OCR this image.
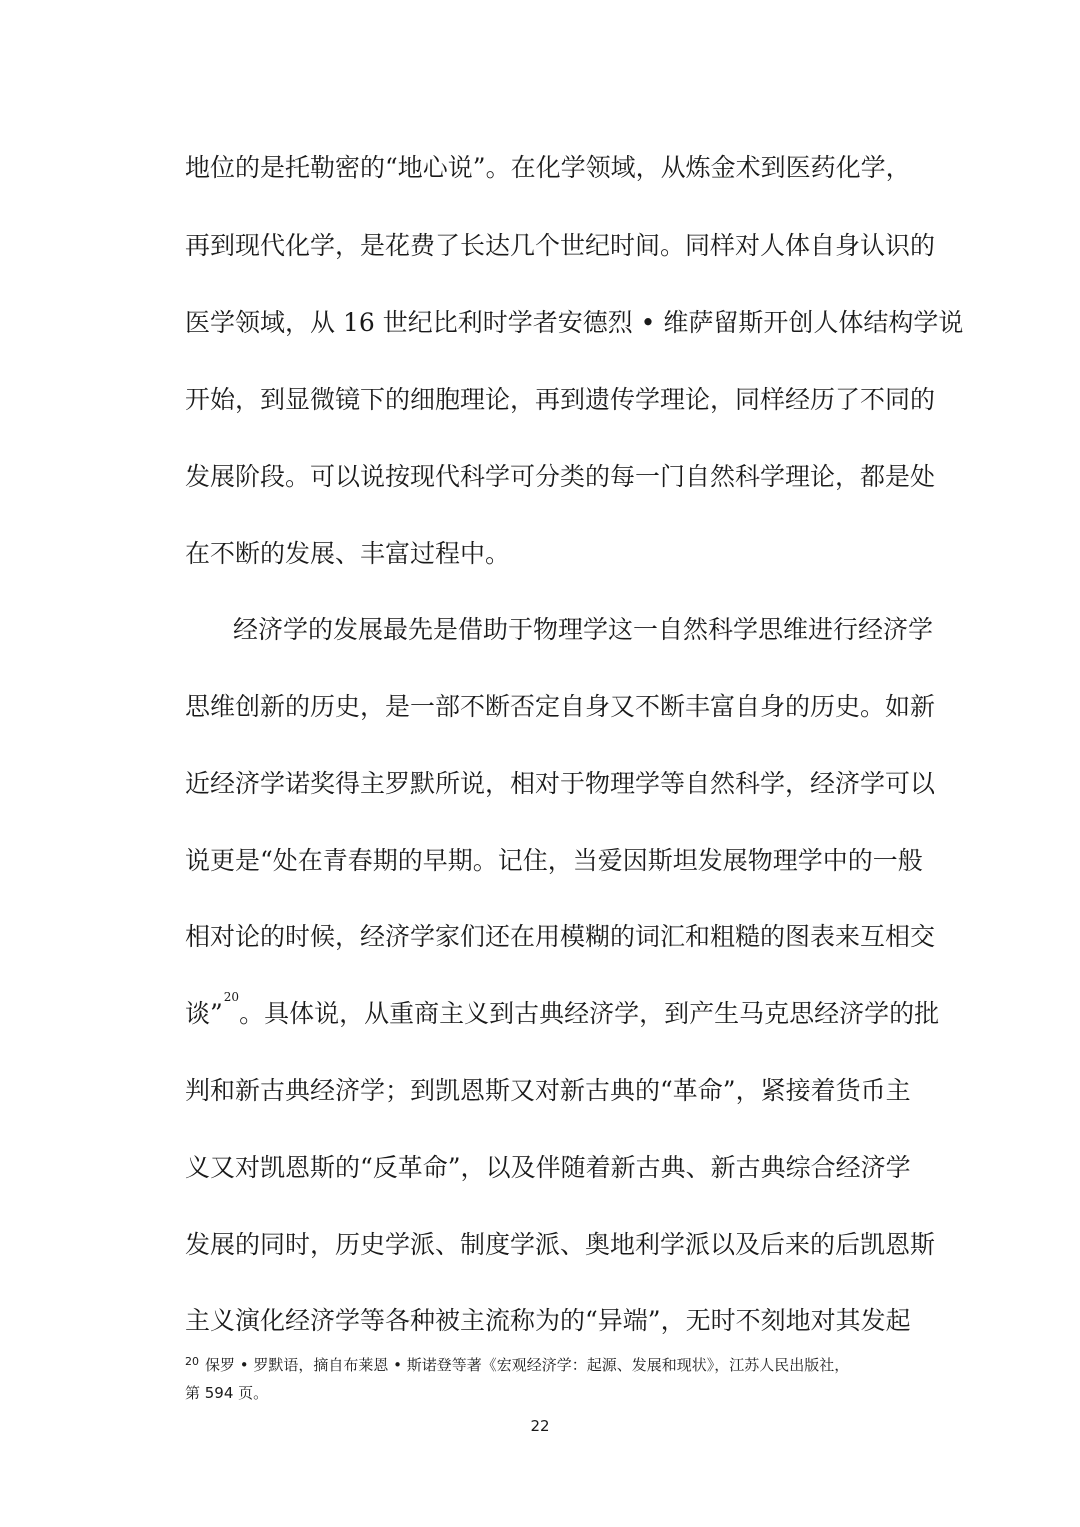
地位的是托勒密的“地心说”。在化学领域，从炼金术到医药化学，
再到现代化学，是花费了长达几个世纪时间。同样对人体自身认识的
医学领域，从 16 世纪比利时学者安德烈 • 维萨留斯开创人体结构学说
开始，到显微镜下的细胞理论，再到遗传学理论，同样经历了不同的
发展阶段。可以说按现代科学可分类的每一门自然科学理论，都是处
在不断的发展、丰富过程中。
经济学的发展最先是借助于物理学这一自然科学思维进行经济学
思维创新的历史，是一部不断否定自身又不断丰富自身的历史。如新
近经济学诺奖得主罗默所说，相对于物理学等自然科学，经济学可以
说更是“处在青春期的早期。记住，当爱因斯坦发展物理学中的一般
相对论的时候，经济学家们还在用模糊的词汇和粗糙的图表来互相交
谈”$^{20}$。具体说，从重商主义到古典经济学，到产生马克思经济学的批
判和新古典经济学；到凯恩斯又对新古典的“革命”，紧接着货币主
义又对凯恩斯的“反革命”，以及伴随着新古典、新古典综合经济学
发展的同时，历史学派、制度学派、奥地利学派以及后来的后凯恩斯
主义演化经济学等各种被主流称为的“异端”，无时不刻地对其发起
$^{20}$ 保罗 • 罗默语，摘自布莱恩 • 斯诺登等著《宏观经济学：起源、发展和现状》，江苏人民出版社，
第 594 页。
22
